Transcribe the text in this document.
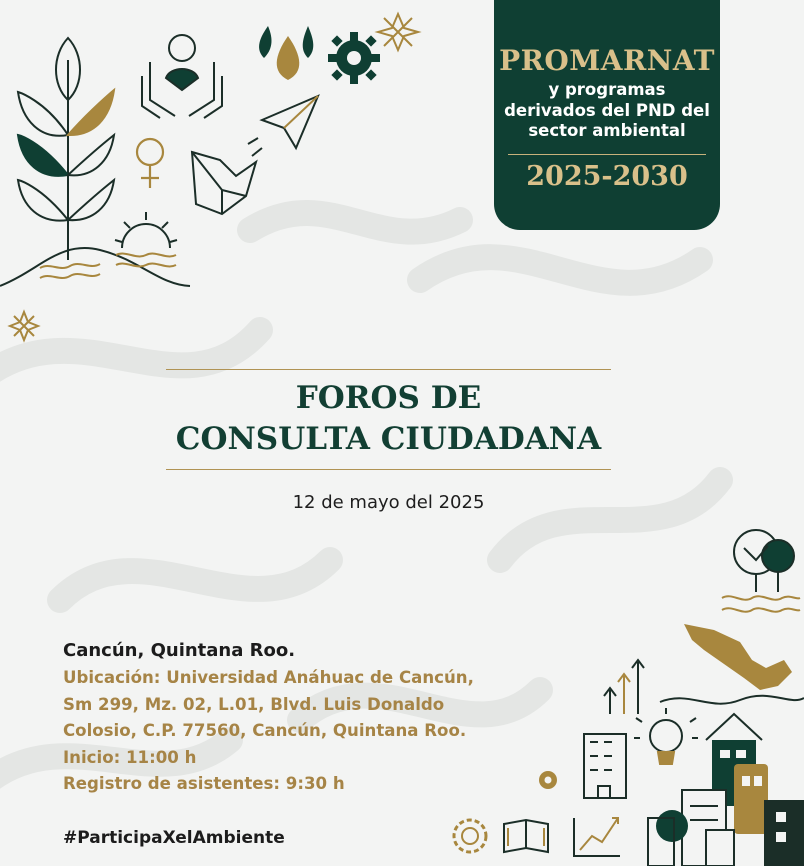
PROMARNAT
y programas
derivados del PND del
sector ambiental
2025-2030
FOROS DE
CONSULTA CIUDADANA
12 de mayo del 2025
Cancún, Quintana Roo.
Ubicación: Universidad Anáhuac de Cancún,
Sm 299, Mz. 02, L.01, Blvd. Luis Donaldo
Colosio, C.P. 77560, Cancún, Quintana Roo.
Inicio: 11:00 h
Registro de asistentes: 9:30 h
#ParticipaXelAmbiente
